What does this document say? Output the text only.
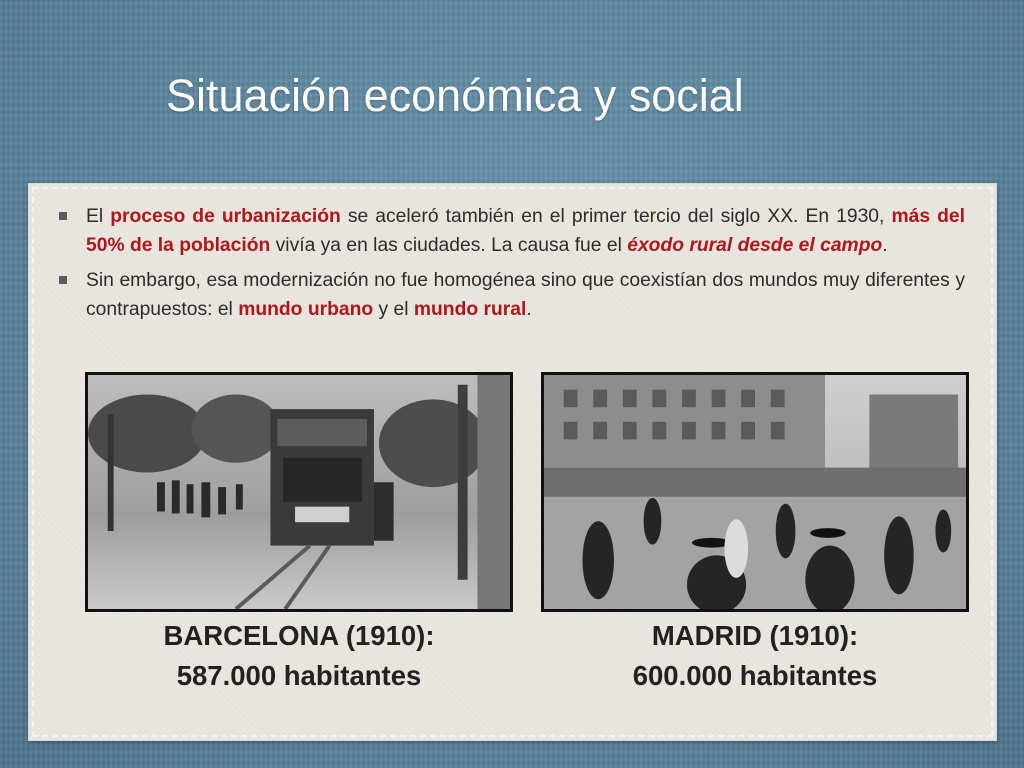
Situación económica y social
El proceso de urbanización se aceleró también en el primer tercio del siglo XX. En 1930, más del 50% de la población vivía ya en las ciudades. La causa fue el éxodo rural desde el campo.
Sin embargo, esa modernización no fue homogénea sino que coexistían dos mundos muy diferentes y contrapuestos: el mundo urbano y el mundo rural.
BARCELONA (1910):
587.000 habitantes
MADRID (1910):
600.000 habitantes
